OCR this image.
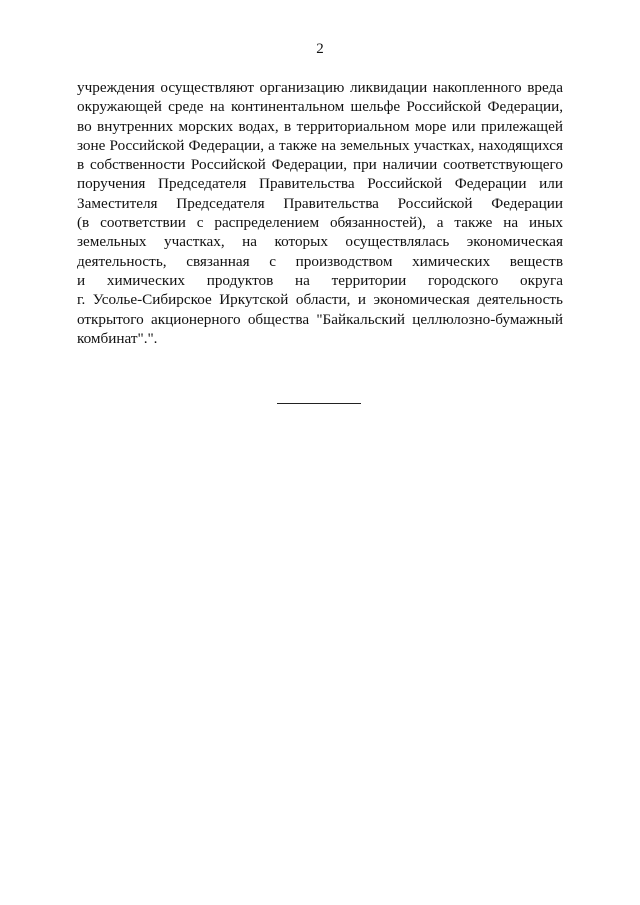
2
учреждения осуществляют организацию ликвидации накопленного вреда
окружающей среде на континентальном шельфе Российской Федерации,
во внутренних морских водах, в территориальном море или прилежащей
зоне Российской Федерации, а также на земельных участках, находящихся
в собственности Российской Федерации, при наличии соответствующего
поручения Председателя Правительства Российской Федерации или
Заместителя Председателя Правительства Российской Федерации
(в соответствии с распределением обязанностей), а также на иных
земельных участках, на которых осуществлялась экономическая
деятельность, связанная с производством химических веществ
и химических продуктов на территории городского округа
г. Усолье-Сибирское Иркутской области, и экономическая деятельность
открытого акционерного общества "Байкальский целлюлозно-бумажный
комбинат".".
